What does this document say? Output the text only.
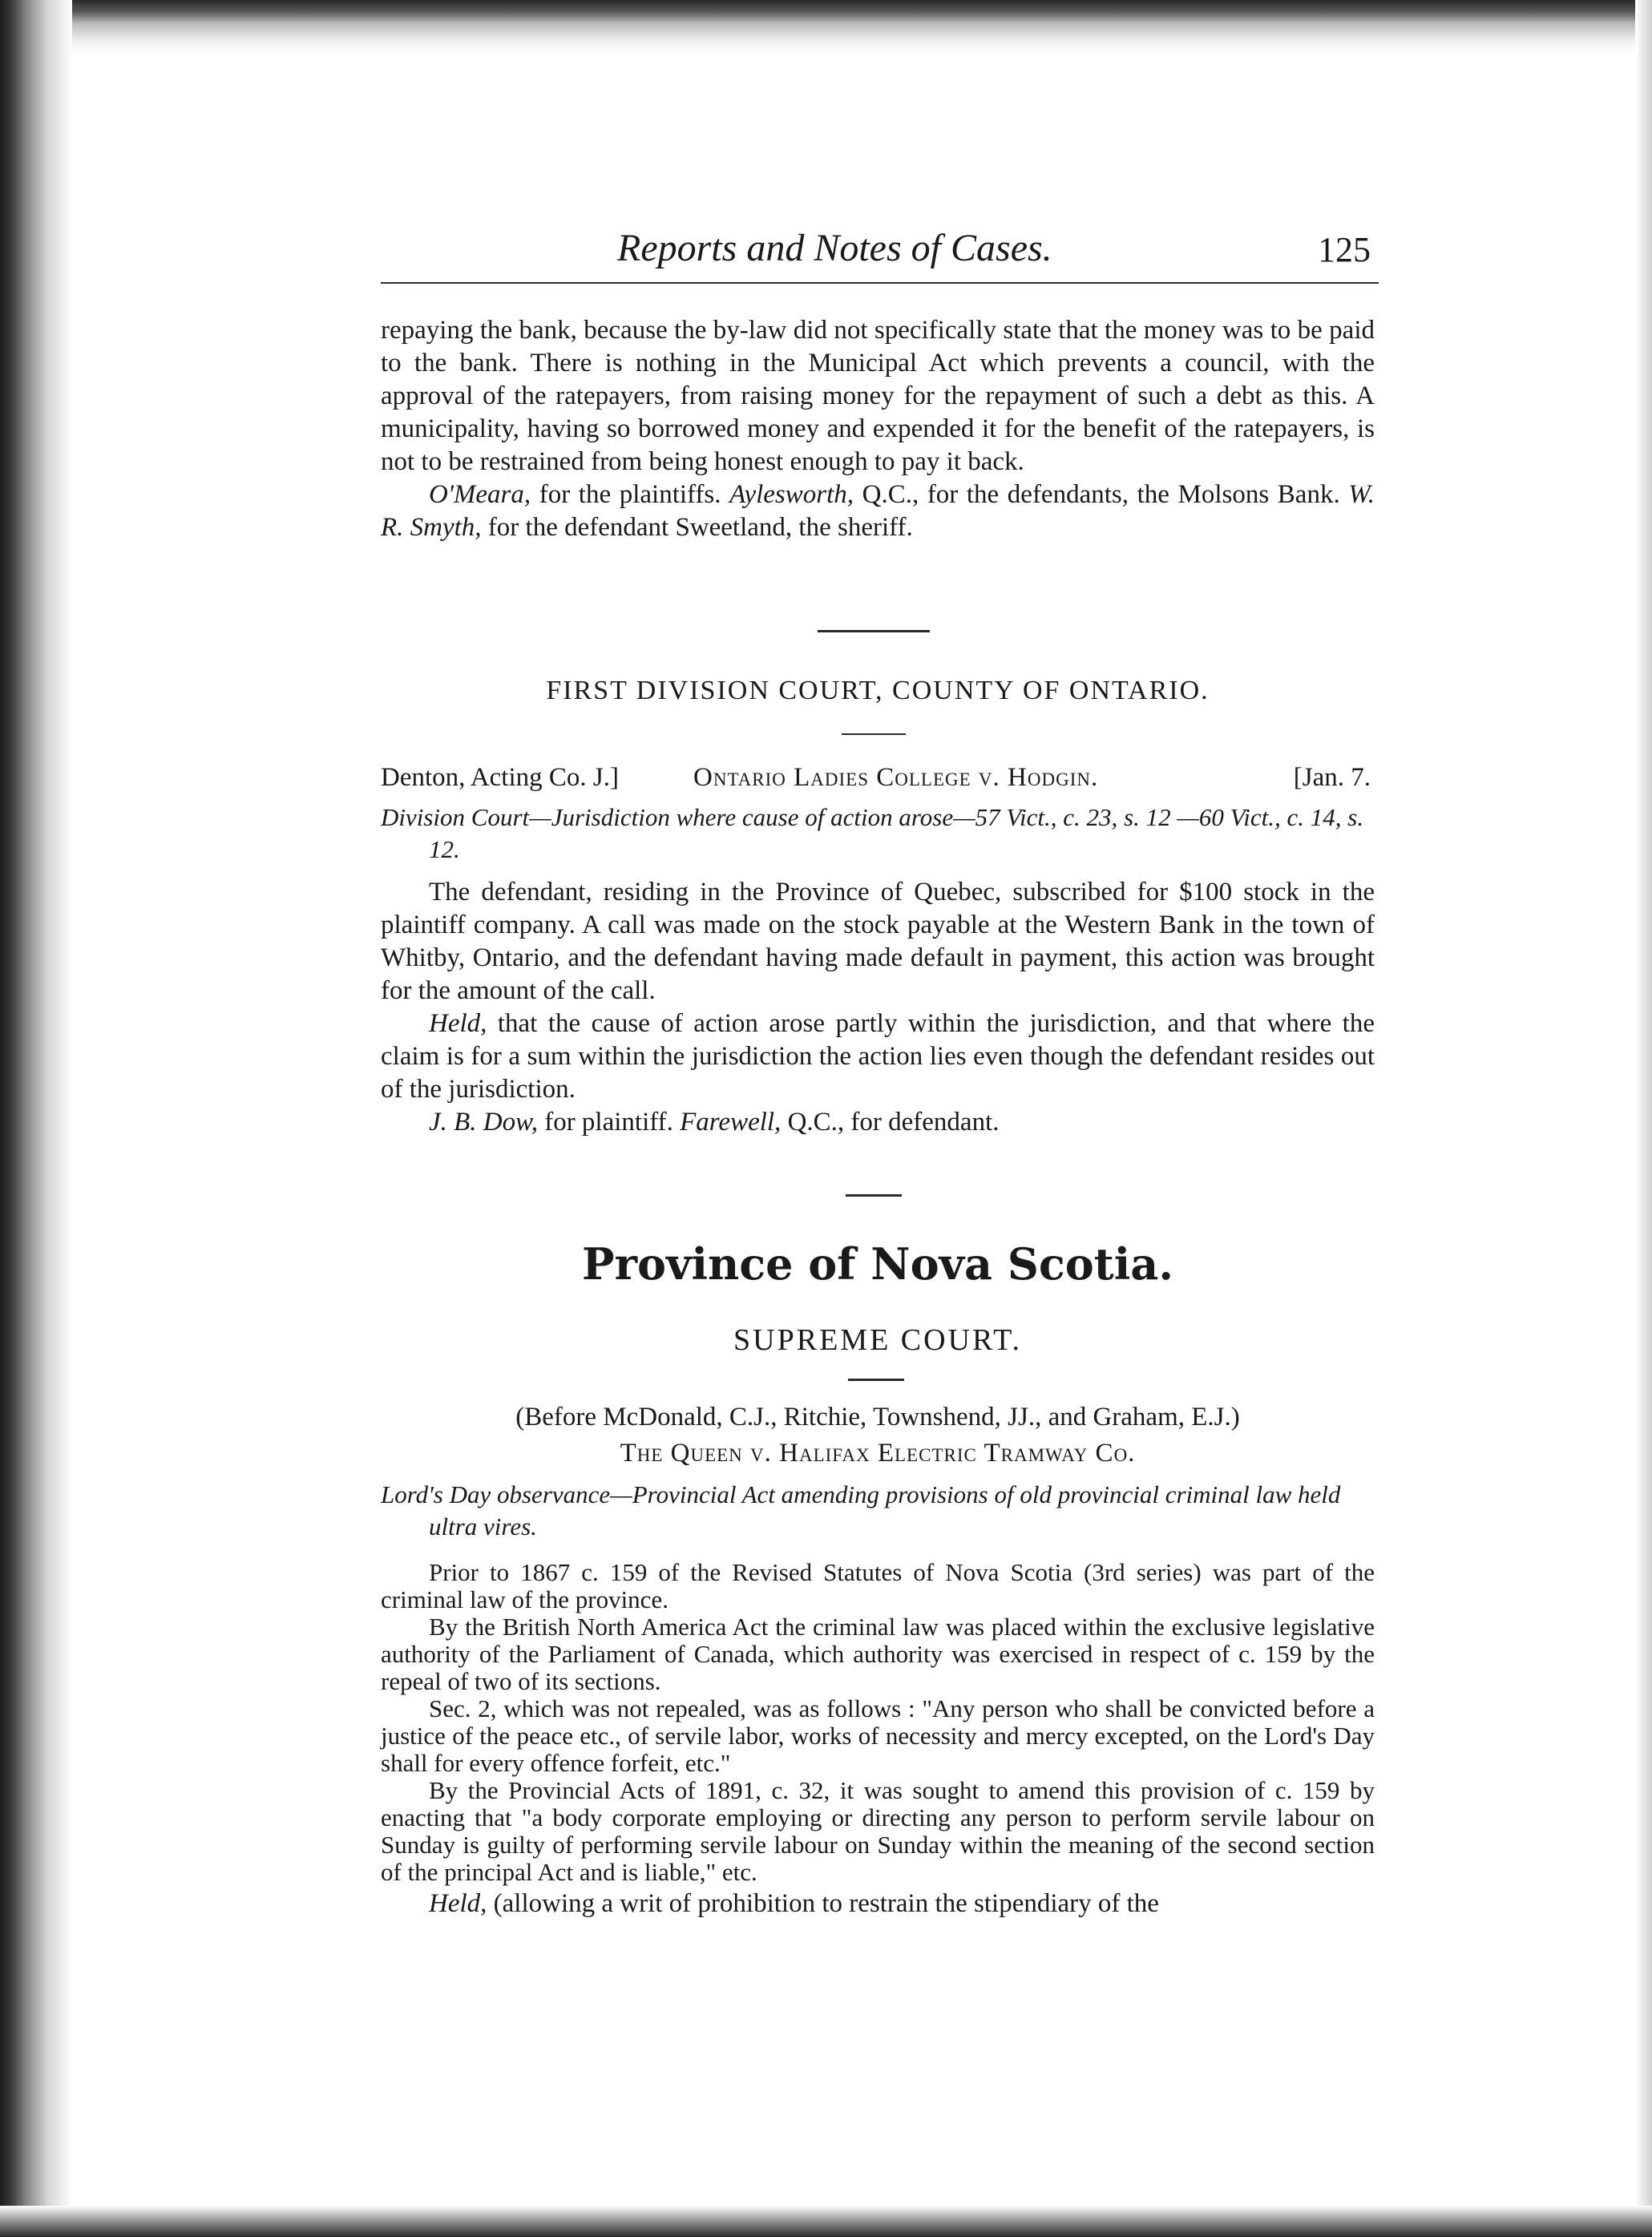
Reports and Notes of Cases.	125

repaying the bank, because the by-law did not specifically state that the money was to be paid to the bank. There is nothing in the Municipal Act which prevents a council, with the approval of the ratepayers, from raising money for the repayment of such a debt as this. A municipality, having so borrowed money and expended it for the benefit of the ratepayers, is not to be restrained from being honest enough to pay it back.

O'Meara, for the plaintiffs. Aylesworth, Q.C., for the defendants, the Molsons Bank. W. R. Smyth, for the defendant Sweetland, the sheriff.

FIRST DIVISION COURT, COUNTY OF ONTARIO.
Denton, Acting Co. J.]	Ontario Ladies College v. Hodgin.	[Jan. 7.
Division Court—Jurisdiction where cause of action arose—57 Vict., c. 23, s. 12 —60 Vict., c. 14, s. 12.

The defendant, residing in the Province of Quebec, subscribed for $100 stock in the plaintiff company. A call was made on the stock payable at the Western Bank in the town of Whitby, Ontario, and the defendant having made default in payment, this action was brought for the amount of the call.

Held, that the cause of action arose partly within the jurisdiction, and that where the claim is for a sum within the jurisdiction the action lies even though the defendant resides out of the jurisdiction.

J. B. Dow, for plaintiff. Farewell, Q.C., for defendant.

Province of Nova Scotia.
SUPREME COURT.
(Before McDonald, C.J., Ritchie, Townshend, JJ., and Graham, E.J.)
The Queen v. Halifax Electric Tramway Co.
Lord's Day observance—Provincial Act amending provisions of old provincial criminal law held ultra vires.

Prior to 1867 c. 159 of the Revised Statutes of Nova Scotia (3rd series) was part of the criminal law of the province.

By the British North America Act the criminal law was placed within the exclusive legislative authority of the Parliament of Canada, which authority was exercised in respect of c. 159 by the repeal of two of its sections.

Sec. 2, which was not repealed, was as follows : "Any person who shall be convicted before a justice of the peace etc., of servile labor, works of necessity and mercy excepted, on the Lord's Day shall for every offence forfeit, etc."

By the Provincial Acts of 1891, c. 32, it was sought to amend this provision of c. 159 by enacting that "a body corporate employing or directing any person to perform servile labour on Sunday is guilty of performing servile labour on Sunday within the meaning of the second section of the principal Act and is liable," etc.

Held, (allowing a writ of prohibition to restrain the stipendiary of the
